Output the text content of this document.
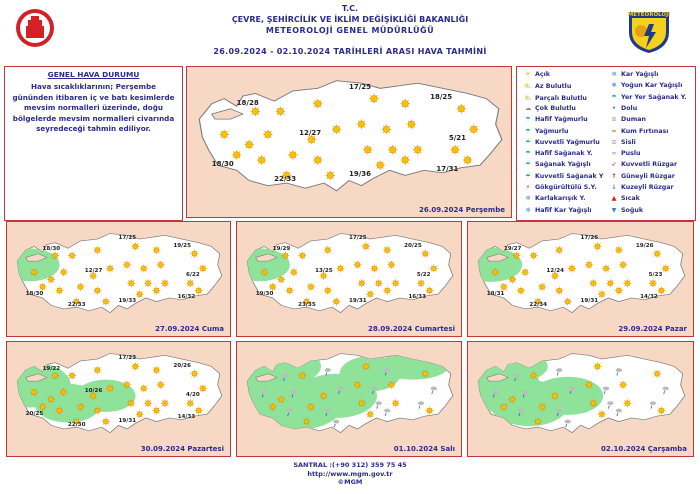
METEOROLOJİ
T.C.
ÇEVRE, ŞEHİRCİLİK VE İKLİM DEĞİŞİKLİĞİ BAKANLIĞI
METEOROLOJİ GENEL MÜDÜRLÜĞÜ
26.09.2024 - 02.10.2024 TARİHLERİ ARASI HAVA TAHMİNİ
GENEL HAVA DURUMU
Hava sıcaklıklarının; Perşembe gününden itibaren iç ve batı kesimlerde mevsim normalleri üzerinde, doğu bölgelerde mevsim normalleri civarında seyredeceği tahmin ediliyor.
18/28
17/25
18/25
12/27
5/21
18/30
17/31
22/33
19/36
26.09.2024 Perşembe
☀ Açık
⛅ Az Bulutlu
⛅ Parçalı Bulutlu
☁ Çok Bulutlu
☂ Hafif Yağmurlu
☂ Yağmurlu
☔ Kuvvetli Yağmurlu
☂ Hafif Sağanak Y.
☔ Sağanak Yağışlı
☔ Kuvvetli Sağanak Y
⚡ Gökgürültülü S.Y.
❄ Karlakarışık Y.
❄ Hafif Kar Yağışlı
❄ Kar Yağışlı
❅ Yoğun Kar Yağışlı
☂ Yer Yer Sağanak Y.
• Dolu
≋ Duman
≈ Kum Fırtınası
≡ Sisli
∞ Puslu
➶ Kuvvetli Rüzgar
↑ Güneyli Rüzgar
↓ Kuzeyli Rüzgar
▲ Sıcak
▼ Soğuk
18/30
17/25
19/25
12/27
6/22
18/30
16/32
22/33
19/33
27.09.2024 Cuma
19/29
17/25
20/25
13/25
5/22
19/30
16/33
23/35
19/31
28.09.2024 Cumartesi
19/27
17/26
19/26
12/24
5/23
18/31
14/32
22/34
19/31
29.09.2024 Pazar
19/22
17/23
20/26
10/26
4/20
20/25
14/33
22/30
19/31
30.09.2024 Pazartesi	01.10.2024 Salı	02.10.2024 Çarşamba
SANTRAL :(+90 312) 359 75 45
http://www.mgm.gov.tr
©MGM
